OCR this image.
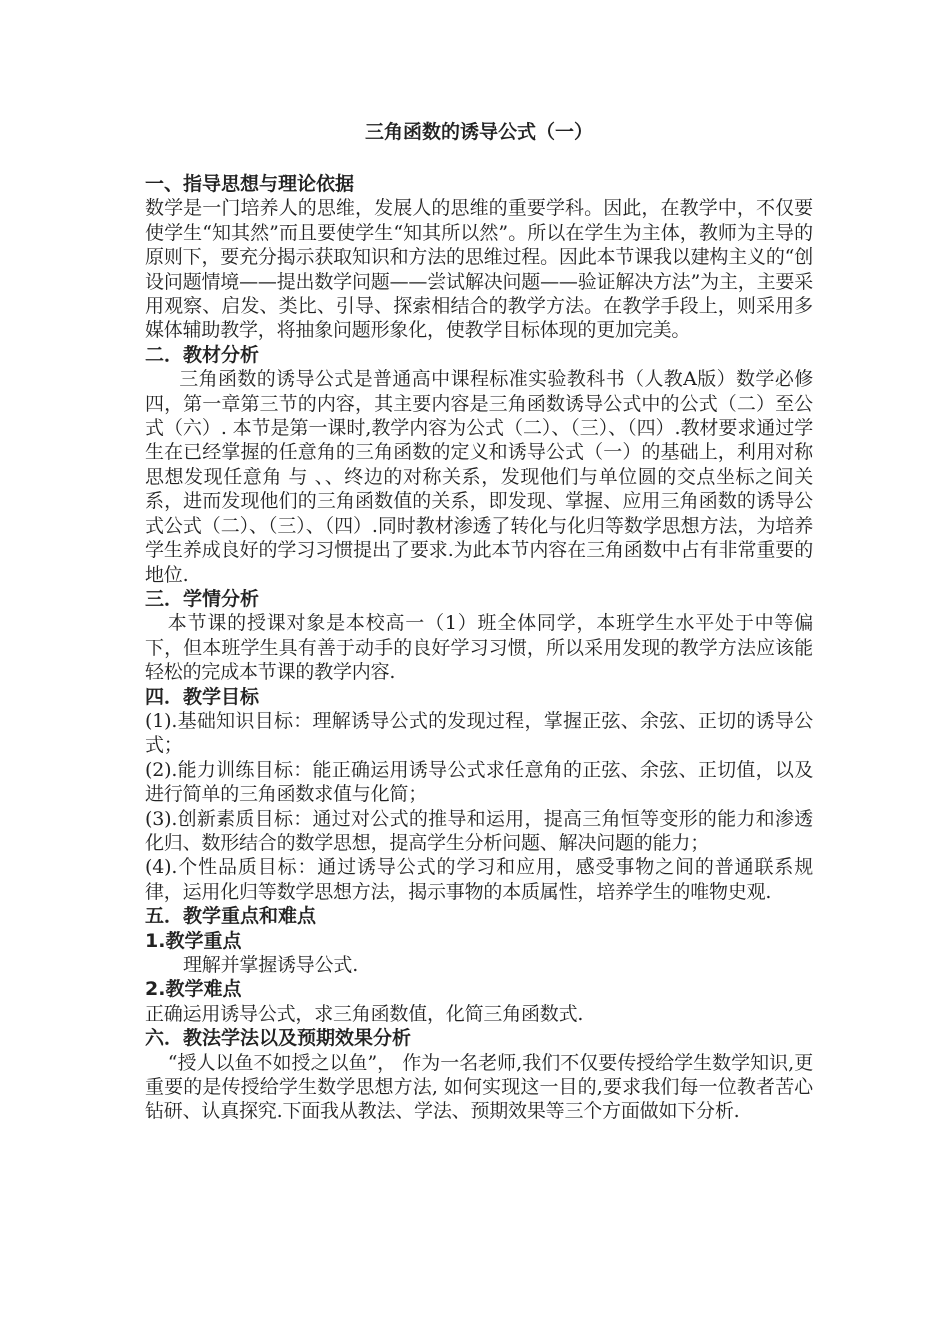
三角函数的诱导公式（一）
一、指导思想与理论依据
数学是一门培养人的思维，发展人的思维的重要学科。因此，在教学中，不仅要使学生“知其然”而且要使学生“知其所以然”。所以在学生为主体，教师为主导的原则下，要充分揭示获取知识和方法的思维过程。因此本节课我以建构主义的“创设问题情境——提出数学问题——尝试解决问题——验证解决方法”为主，主要采用观察、启发、类比、引导、探索相结合的教学方法。在教学手段上，则采用多媒体辅助教学，将抽象问题形象化，使教学目标体现的更加完美。
二．教材分析
三角函数的诱导公式是普通高中课程标准实验教科书（人教A版）数学必修四，第一章第三节的内容，其主要内容是三角函数诱导公式中的公式（二）至公式（六）. 本节是第一课时,教学内容为公式（二）、（三）、（四）.教材要求通过学生在已经掌握的任意角的三角函数的定义和诱导公式（一）的基础上，利用对称思想发现任意角 与 、、终边的对称关系，发现他们与单位圆的交点坐标之间关系，进而发现他们的三角函数值的关系，即发现、掌握、应用三角函数的诱导公式公式（二）、（三）、（四）.同时教材渗透了转化与化归等数学思想方法，为培养学生养成良好的学习习惯提出了要求.为此本节内容在三角函数中占有非常重要的地位.
三．学情分析
本节课的授课对象是本校高一（1）班全体同学，本班学生水平处于中等偏下，但本班学生具有善于动手的良好学习习惯，所以采用发现的教学方法应该能轻松的完成本节课的教学内容.
四．教学目标
(1).基础知识目标：理解诱导公式的发现过程，掌握正弦、余弦、正切的诱导公式；
(2).能力训练目标：能正确运用诱导公式求任意角的正弦、余弦、正切值，以及进行简单的三角函数求值与化简；
(3).创新素质目标：通过对公式的推导和运用，提高三角恒等变形的能力和渗透化归、数形结合的数学思想，提高学生分析问题、解决问题的能力；
(4).个性品质目标：通过诱导公式的学习和应用，感受事物之间的普通联系规律，运用化归等数学思想方法，揭示事物的本质属性，培养学生的唯物史观.
五．教学重点和难点
1.教学重点
理解并掌握诱导公式.
2.教学难点
正确运用诱导公式，求三角函数值，化简三角函数式.
六．教法学法以及预期效果分析
“授人以鱼不如授之以鱼”， 作为一名老师,我们不仅要传授给学生数学知识,更重要的是传授给学生数学思想方法, 如何实现这一目的,要求我们每一位教者苦心钻研、认真探究.下面我从教法、学法、预期效果等三个方面做如下分析.
